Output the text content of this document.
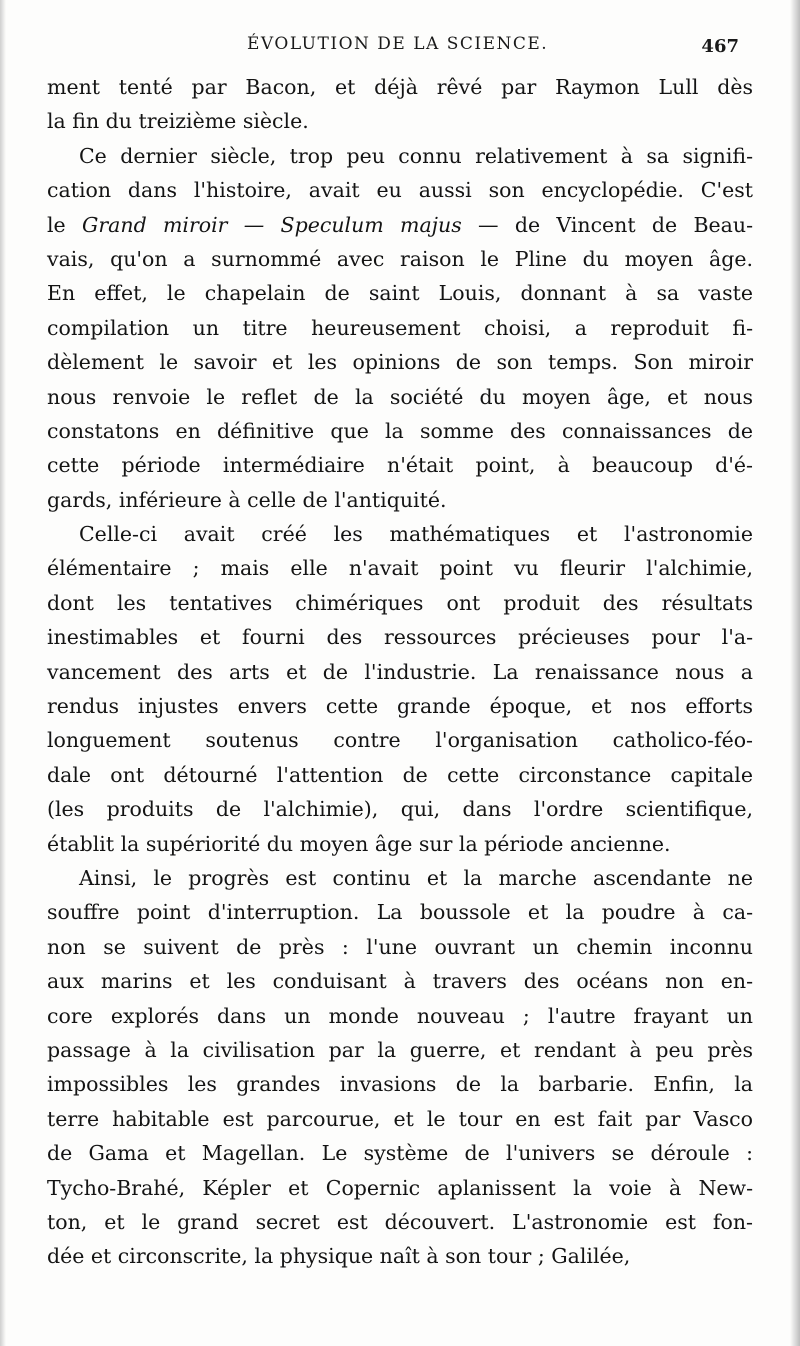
ÉVOLUTION DE LA SCIENCE.	467
ment tenté par Bacon, et déjà rêvé par Raymon Lull dès
la fin du treizième siècle.
Ce dernier siècle, trop peu connu relativement à sa signifi-
cation dans l'histoire, avait eu aussi son encyclopédie. C'est
le Grand miroir — Speculum majus — de Vincent de Beau-
vais, qu'on a surnommé avec raison le Pline du moyen âge.
En effet, le chapelain de saint Louis, donnant à sa vaste
compilation un titre heureusement choisi, a reproduit fi-
dèlement le savoir et les opinions de son temps. Son miroir
nous renvoie le reflet de la société du moyen âge, et nous
constatons en définitive que la somme des connaissances de
cette période intermédiaire n'était point, à beaucoup d'é-
gards, inférieure à celle de l'antiquité.
Celle-ci avait créé les mathématiques et l'astronomie
élémentaire ; mais elle n'avait point vu fleurir l'alchimie,
dont les tentatives chimériques ont produit des résultats
inestimables et fourni des ressources précieuses pour l'a-
vancement des arts et de l'industrie. La renaissance nous a
rendus injustes envers cette grande époque, et nos efforts
longuement soutenus contre l'organisation catholico-féo-
dale ont détourné l'attention de cette circonstance capitale
(les produits de l'alchimie), qui, dans l'ordre scientifique,
établit la supériorité du moyen âge sur la période ancienne.
Ainsi, le progrès est continu et la marche ascendante ne
souffre point d'interruption. La boussole et la poudre à ca-
non se suivent de près : l'une ouvrant un chemin inconnu
aux marins et les conduisant à travers des océans non en-
core explorés dans un monde nouveau ; l'autre frayant un
passage à la civilisation par la guerre, et rendant à peu près
impossibles les grandes invasions de la barbarie. Enfin, la
terre habitable est parcourue, et le tour en est fait par Vasco
de Gama et Magellan. Le système de l'univers se déroule :
Tycho-Brahé, Képler et Copernic aplanissent la voie à New-
ton, et le grand secret est découvert. L'astronomie est fon-
dée et circonscrite, la physique naît à son tour ; Galilée,
